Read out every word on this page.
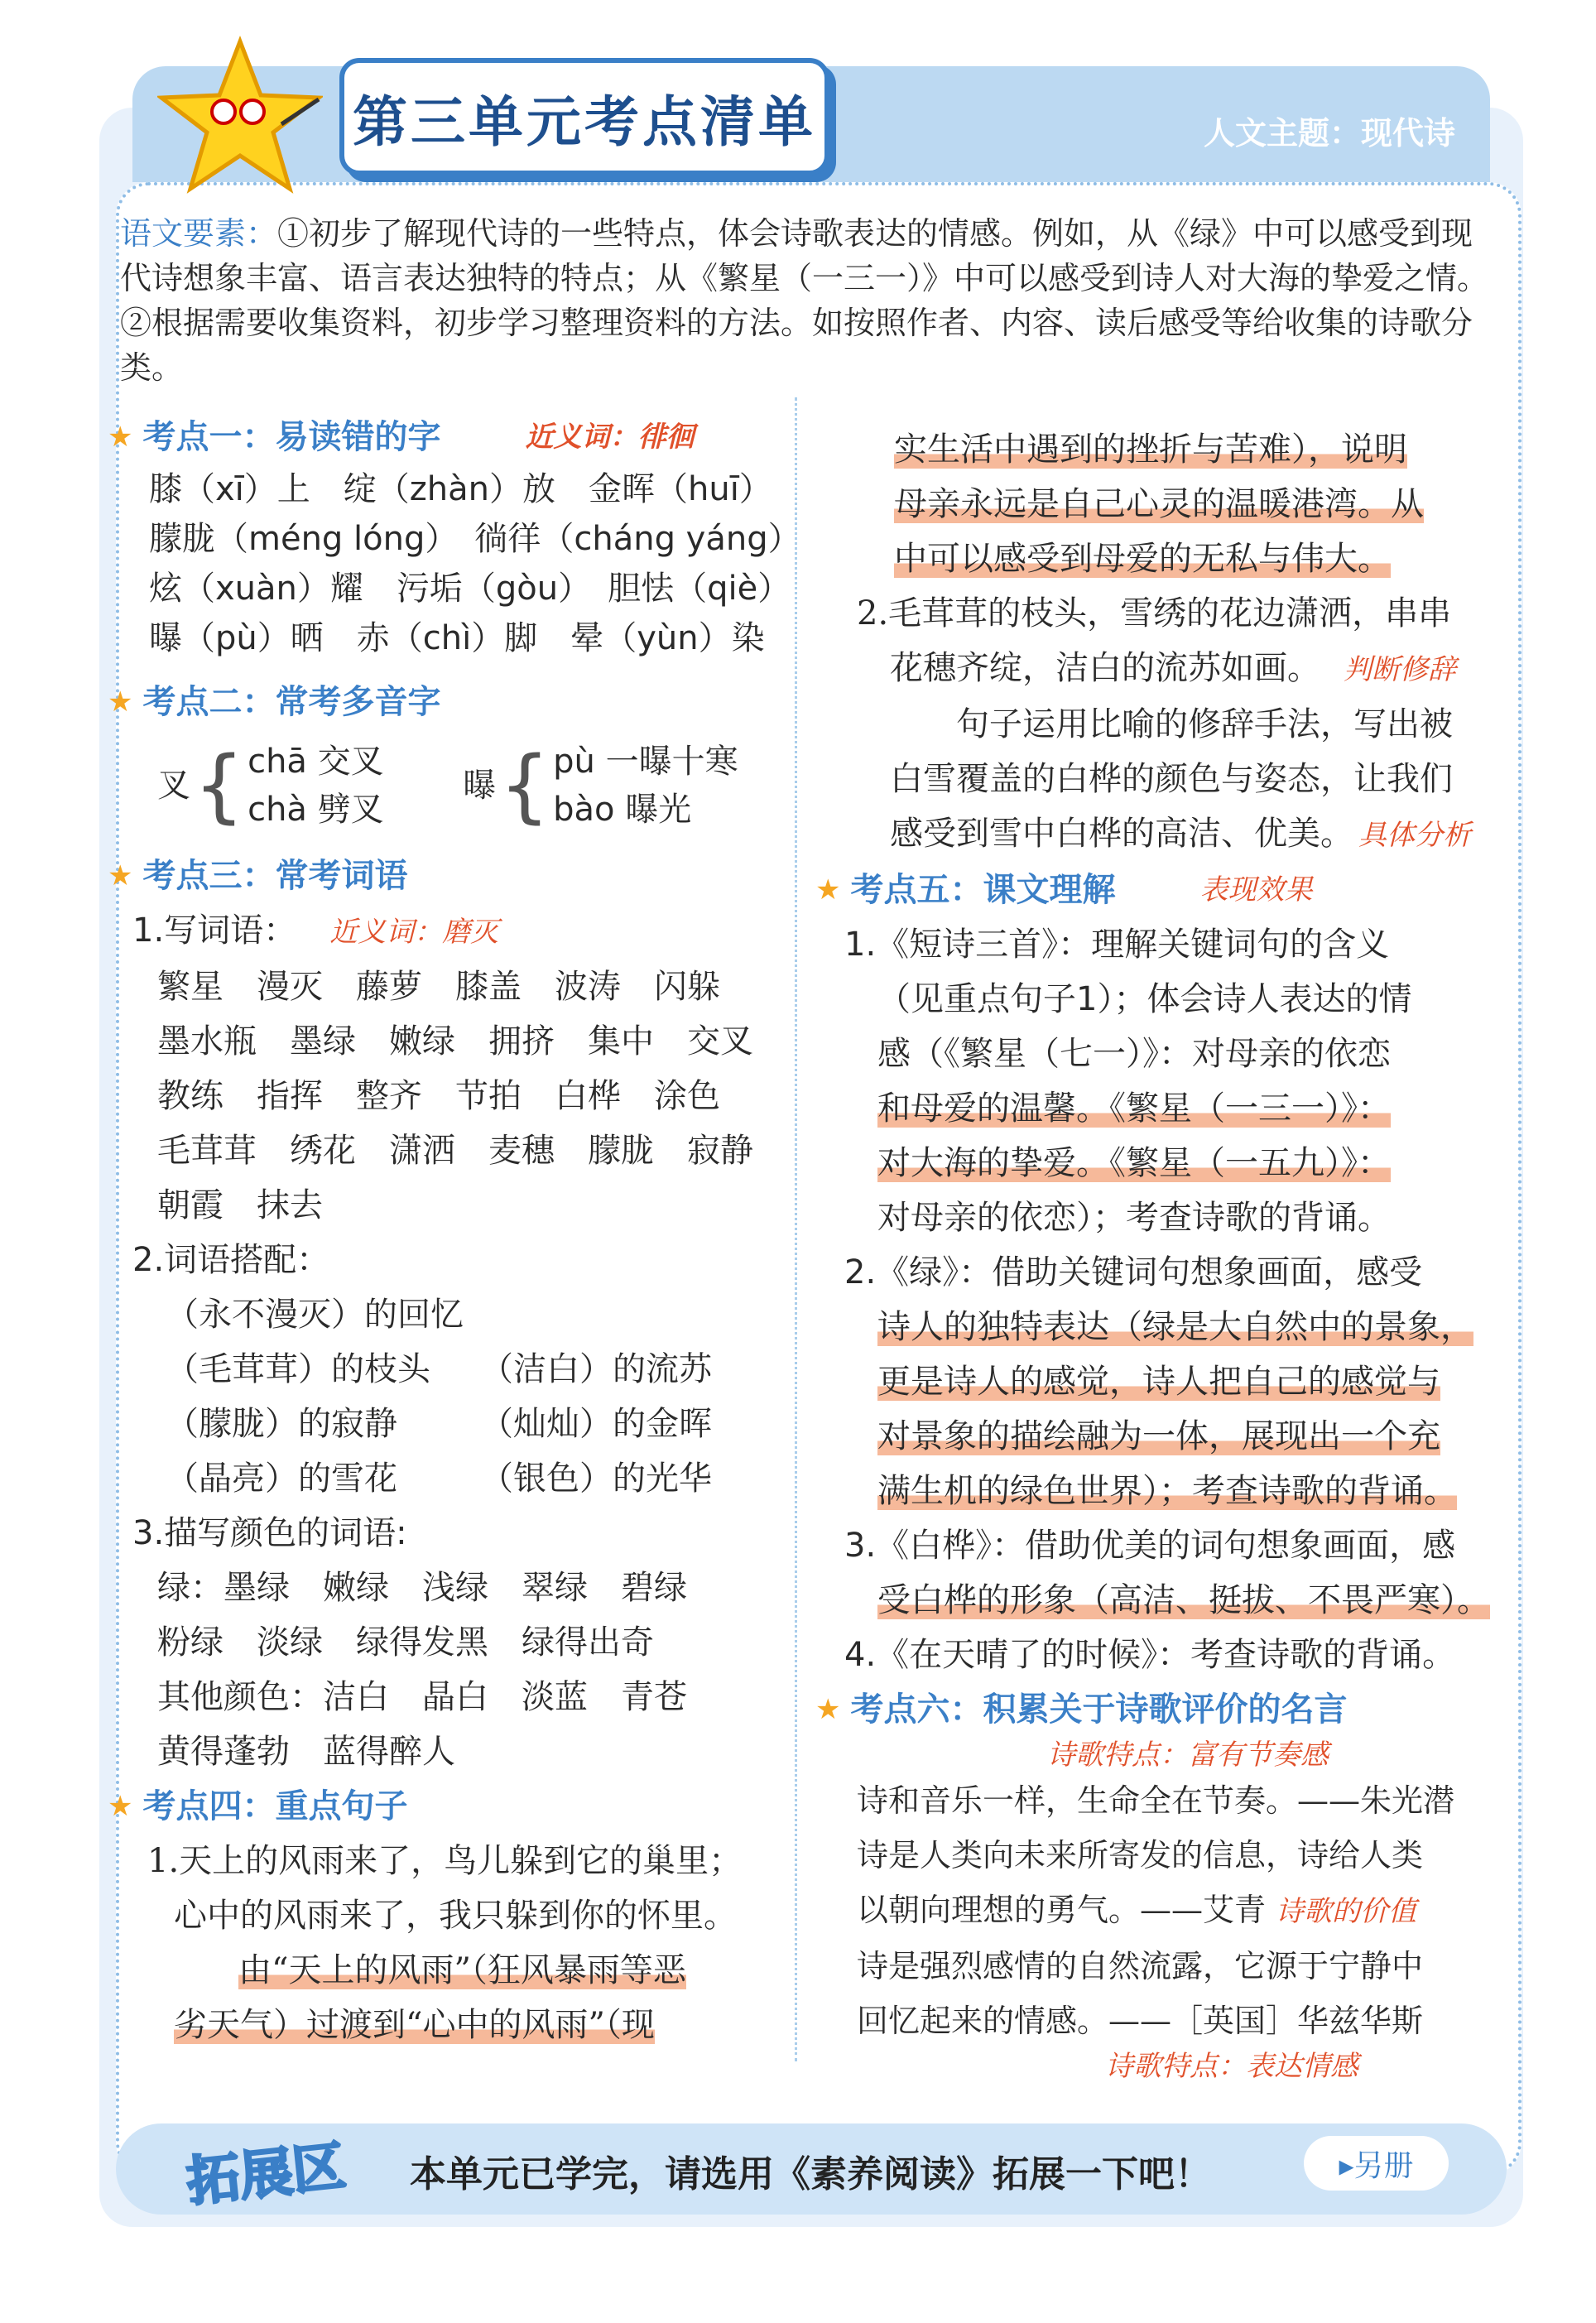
第三单元考点清单	人文主题：现代诗
语文要素：①初步了解现代诗的一些特点，体会诗歌表达的情感。例如，从《绿》中可以感受到现代诗想象丰富、语言表达独特的特点；从《繁星（一三一）》中可以感受到诗人对大海的挚爱之情。②根据需要收集资料，初步学习整理资料的方法。如按照作者、内容、读后感受等给收集的诗歌分类。
★ 考点一：易读错的字	近义词：徘徊
膝（xī）上　绽（zhàn）放　金晖（huī）
朦胧（méng lóng）　徜徉（cháng yáng）
炫（xuàn）耀　污垢（gòu）　胆怯（qiè）
曝（pù）晒　赤（chì）脚　晕（yùn）染
★ 考点二：常考多音字
叉 { chā 交叉
chà 劈叉
曝 { pù 一曝十寒
bào 曝光
★ 考点三：常考词语
1.写词语： 近义词：磨灭
繁星　漫灭　藤萝　膝盖　波涛　闪躲
墨水瓶　墨绿　嫩绿　拥挤　集中　交叉
教练　指挥　整齐　节拍　白桦　涂色
毛茸茸　绣花　潇洒　麦穗　朦胧　寂静
朝霞　抹去
2.词语搭配：
（永不漫灭）的回忆
（毛茸茸）的枝头　　（洁白）的流苏
（朦胧）的寂静　　　（灿灿）的金晖
（晶亮）的雪花　　　（银色）的光华
3.描写颜色的词语:
绿：墨绿　嫩绿　浅绿　翠绿　碧绿
粉绿　淡绿　绿得发黑　绿得出奇
其他颜色：洁白　晶白　淡蓝　青苍
黄得蓬勃　蓝得醉人
★ 考点四：重点句子
1.天上的风雨来了，鸟儿躲到它的巢里；
心中的风雨来了，我只躲到你的怀里。
由“天上的风雨”（狂风暴雨等恶
劣天气）过渡到“心中的风雨”（现
实生活中遇到的挫折与苦难），说明
母亲永远是自己心灵的温暖港湾。从
中可以感受到母爱的无私与伟大。
2.毛茸茸的枝头，雪绣的花边潇洒，串串
花穗齐绽，洁白的流苏如画。 判断修辞
句子运用比喻的修辞手法，写出被
白雪覆盖的白桦的颜色与姿态，让我们
感受到雪中白桦的高洁、优美。 具体分析
★ 考点五：课文理解	表现效果
1.《短诗三首》：理解关键词句的含义
（见重点句子1）；体会诗人表达的情
感（《繁星（七一）》：对母亲的依恋
和母爱的温馨。《繁星（一三一）》：
对大海的挚爱。《繁星（一五九）》：
对母亲的依恋）；考查诗歌的背诵。
2.《绿》：借助关键词句想象画面，感受
诗人的独特表达（绿是大自然中的景象，
更是诗人的感觉，诗人把自己的感觉与
对景象的描绘融为一体，展现出一个充
满生机的绿色世界）；考查诗歌的背诵。
3.《白桦》：借助优美的词句想象画面，感
受白桦的形象（高洁、挺拔、不畏严寒）。
4.《在天晴了的时候》：考查诗歌的背诵。
★ 考点六：积累关于诗歌评价的名言
诗歌特点：富有节奏感
诗和音乐一样，生命全在节奏。——朱光潜
诗是人类向未来所寄发的信息，诗给人类
以朝向理想的勇气。——艾青 诗歌的价值
诗是强烈感情的自然流露，它源于宁静中
回忆起来的情感。——［英国］华兹华斯
诗歌特点：表达情感
拓展区 本单元已学完，请选用《素养阅读》拓展一下吧！	▸另册
38
